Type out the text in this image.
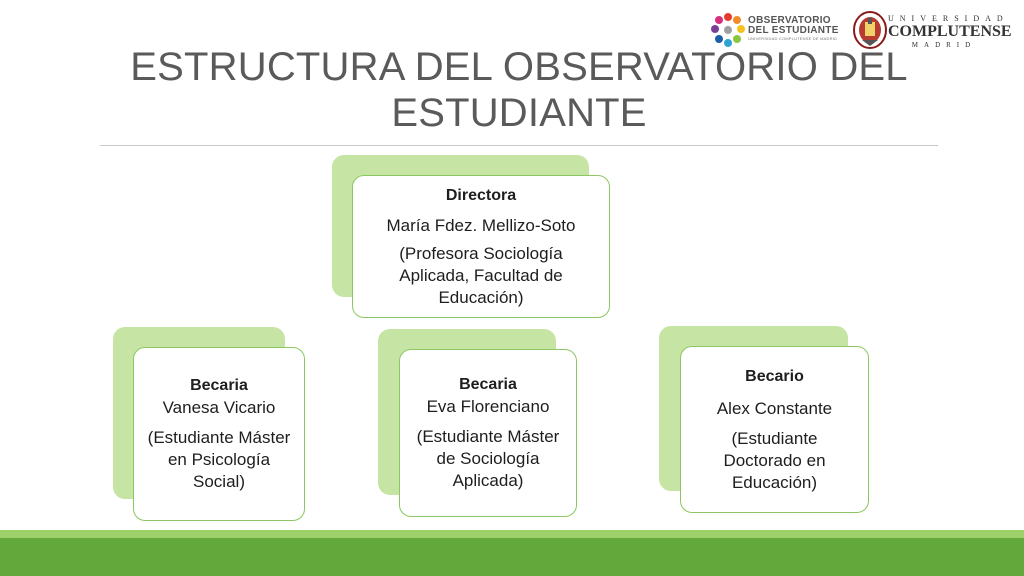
OBSERVATORIO
DEL ESTUDIANTE
UNIVERSIDAD COMPLUTENSE DE MADRID
UNIVERSIDAD
COMPLUTENSE
MADRID
ESTRUCTURA DEL OBSERVATORIO DEL
ESTUDIANTE
Directora
María Fdez. Mellizo-Soto
(Profesora Sociología Aplicada, Facultad de Educación)
Becaria
Vanesa Vicario
(Estudiante Máster en Psicología Social)
Becaria
Eva Florenciano
(Estudiante Máster de Sociología Aplicada)
Becario
Alex Constante
(Estudiante Doctorado en Educación)
